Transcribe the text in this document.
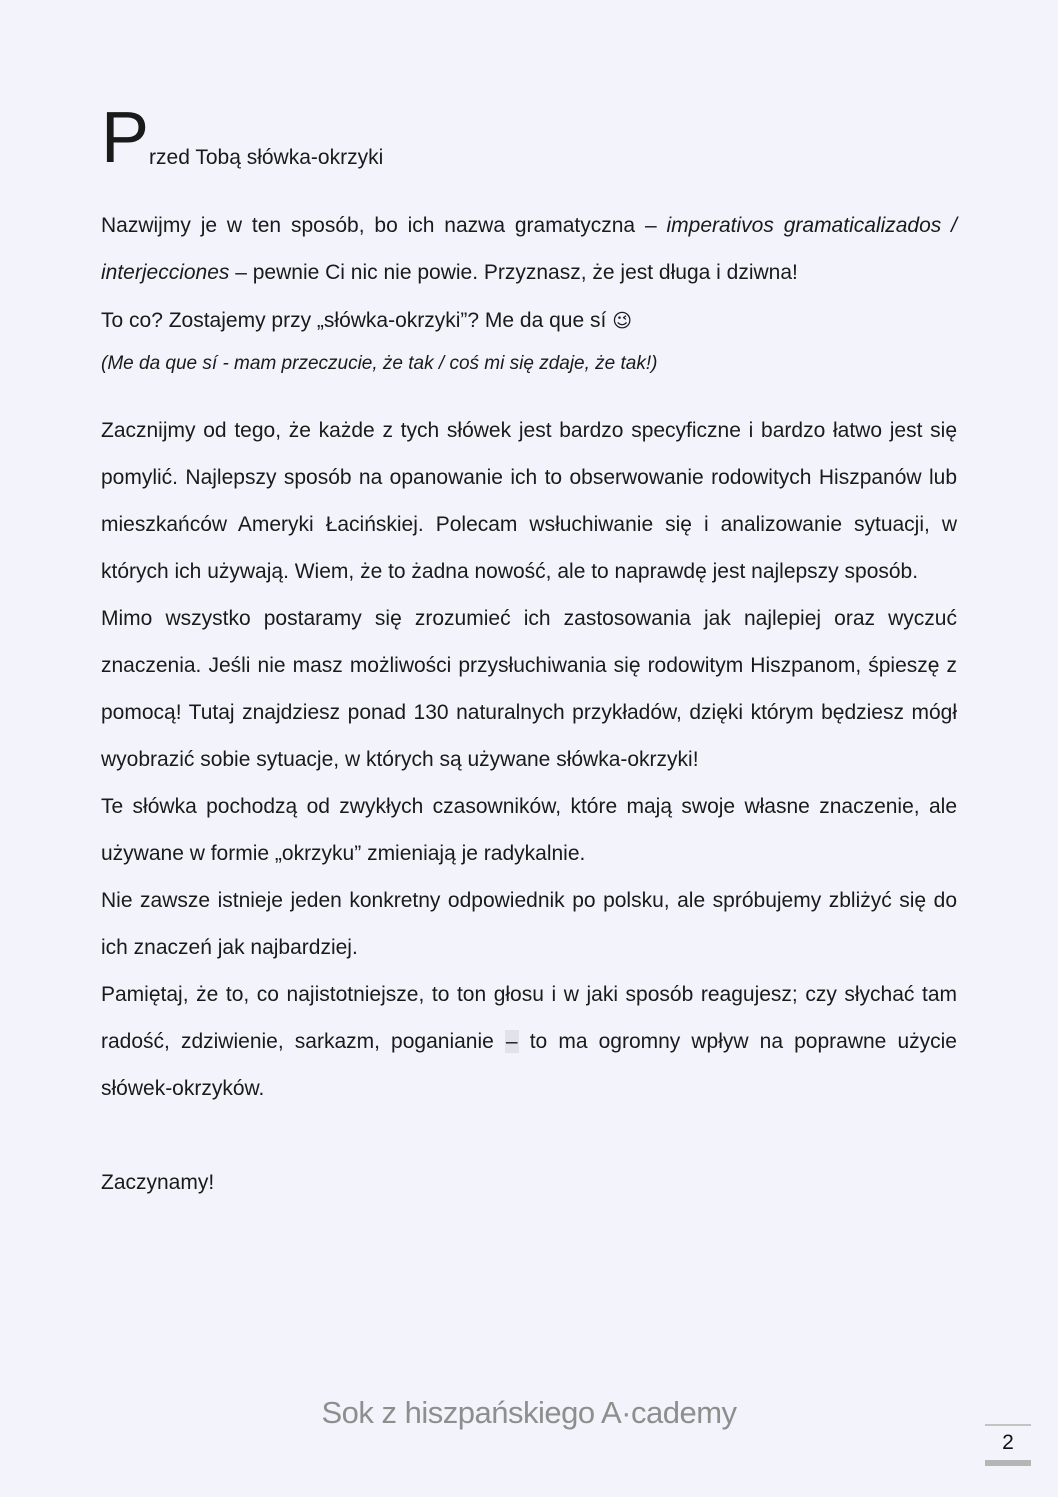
Przed Tobą słówka-okrzyki

Nazwijmy je w ten sposób, bo ich nazwa gramatyczna – imperativos gramaticalizados / interjecciones – pewnie Ci nic nie powie. Przyznasz, że jest długa i dziwna!

To co? Zostajemy przy „słówka-okrzyki”? Me da que sí 😉

(Me da que sí - mam przeczucie, że tak / coś mi się zdaje, że tak!)

Zacznijmy od tego, że każde z tych słówek jest bardzo specyficzne i bardzo łatwo jest się pomylić. Najlepszy sposób na opanowanie ich to obserwowanie rodowitych Hiszpanów lub mieszkańców Ameryki Łacińskiej. Polecam wsłuchiwanie się i analizowanie sytuacji, w których ich używają. Wiem, że to żadna nowość, ale to naprawdę jest najlepszy sposób.

Mimo wszystko postaramy się zrozumieć ich zastosowania jak najlepiej oraz wyczuć znaczenia. Jeśli nie masz możliwości przysłuchiwania się rodowitym Hiszpanom, śpieszę z pomocą! Tutaj znajdziesz ponad 130 naturalnych przykładów, dzięki którym będziesz mógł wyobrazić sobie sytuacje, w których są używane słówka-okrzyki!

Te słówka pochodzą od zwykłych czasowników, które mają swoje własne znaczenie, ale używane w formie „okrzyku” zmieniają je radykalnie.

Nie zawsze istnieje jeden konkretny odpowiednik po polsku, ale spróbujemy zbliżyć się do ich znaczeń jak najbardziej.

Pamiętaj, że to, co najistotniejsze, to ton głosu i w jaki sposób reagujesz; czy słychać tam radość, zdziwienie, sarkazm, poganianie – to ma ogromny wpływ na poprawne użycie słówek-okrzyków.

Zaczynamy!

Sok z hiszpańskiego A·cademy
2
